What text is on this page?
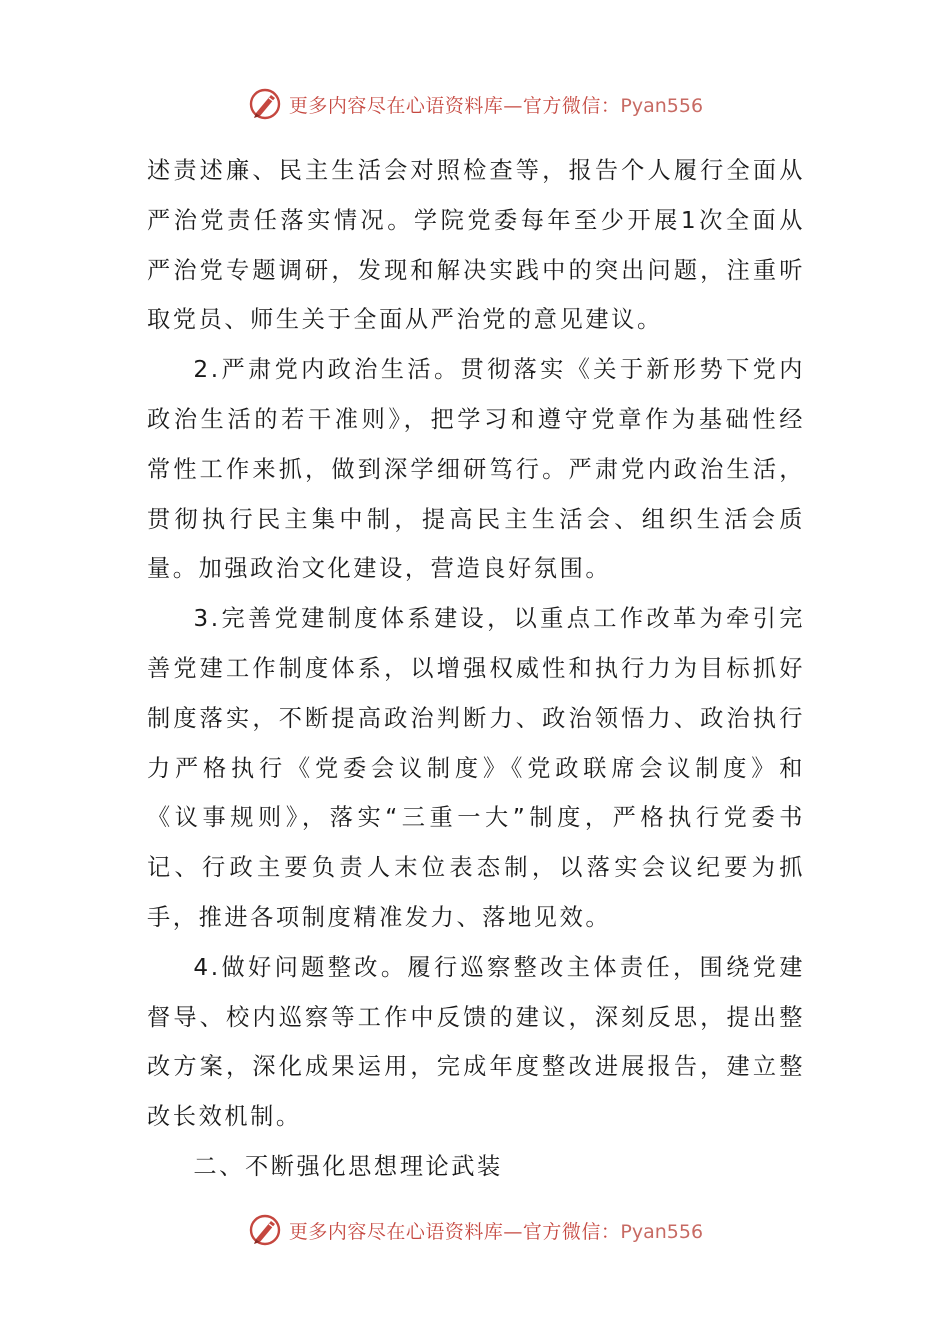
更多内容尽在心语资料库—官方微信：Pyan556

述责述廉、民主生活会对照检查等，报告个人履行全面从严治党责任落实情况。学院党委每年至少开展1次全面从严治党专题调研，发现和解决实践中的突出问题，注重听取党员、师生关于全面从严治党的意见建议。

2.严肃党内政治生活。贯彻落实《关于新形势下党内政治生活的若干准则》，把学习和遵守党章作为基础性经常性工作来抓，做到深学细研笃行。严肃党内政治生活，贯彻执行民主集中制，提高民主生活会、组织生活会质量。加强政治文化建设，营造良好氛围。

3.完善党建制度体系建设，以重点工作改革为牵引完善党建工作制度体系，以增强权威性和执行力为目标抓好制度落实，不断提高政治判断力、政治领悟力、政治执行力严格执行《党委会议制度》《党政联席会议制度》和《议事规则》，落实“三重一大”制度，严格执行党委书记、行政主要负责人末位表态制，以落实会议纪要为抓手，推进各项制度精准发力、落地见效。

4.做好问题整改。履行巡察整改主体责任，围绕党建督导、校内巡察等工作中反馈的建议，深刻反思，提出整改方案，深化成果运用，完成年度整改进展报告，建立整改长效机制。

二、不断强化思想理论武装

更多内容尽在心语资料库—官方微信：Pyan556
